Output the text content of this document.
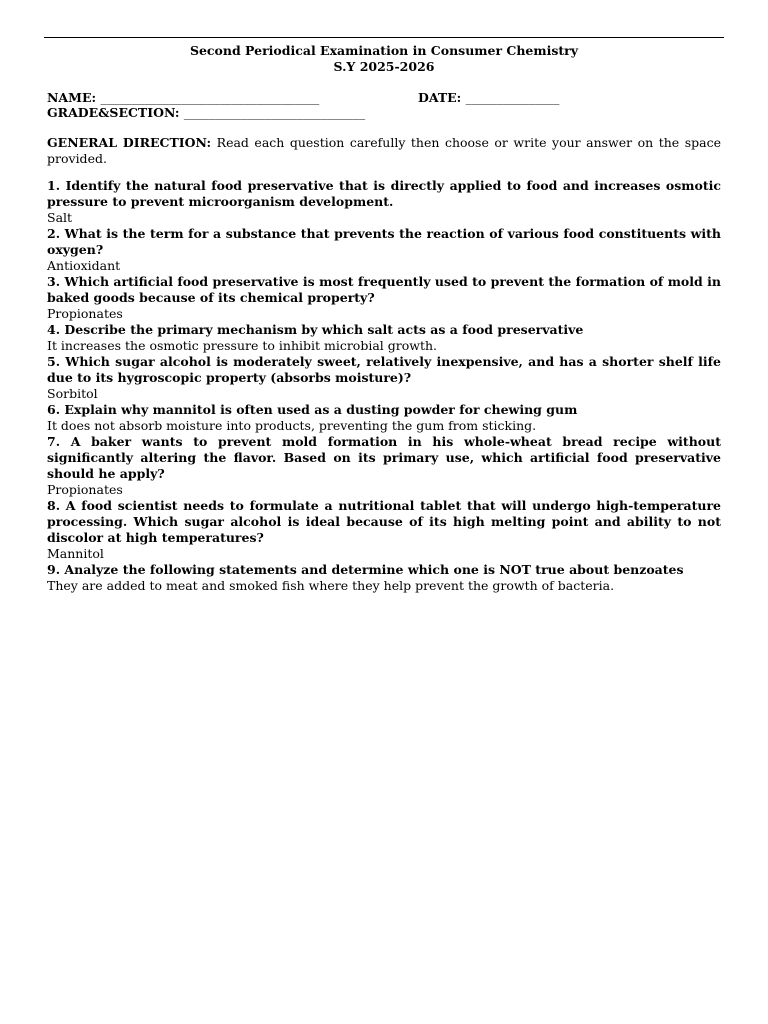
Second Periodical Examination in Consumer Chemistry
S.Y 2025-2026
NAME: ___________________________________	DATE: _______________
GRADE&SECTION: _____________________________
GENERAL DIRECTION: Read each question carefully then choose or write your answer on the space provided.

1. Identify the natural food preservative that is directly applied to food and increases osmotic pressure to prevent microorganism development.

Salt

2. What is the term for a substance that prevents the reaction of various food constituents with oxygen?

Antioxidant

3. Which artificial food preservative is most frequently used to prevent the formation of mold in baked goods because of its chemical property?

Propionates

4. Describe the primary mechanism by which salt acts as a food preservative

It increases the osmotic pressure to inhibit microbial growth.

5. Which sugar alcohol is moderately sweet, relatively inexpensive, and has a shorter shelf life due to its hygroscopic property (absorbs moisture)?

Sorbitol

6. Explain why mannitol is often used as a dusting powder for chewing gum

It does not absorb moisture into products, preventing the gum from sticking.

7. A baker wants to prevent mold formation in his whole-wheat bread recipe without significantly altering the flavor. Based on its primary use, which artificial food preservative should he apply?

Propionates

8. A food scientist needs to formulate a nutritional tablet that will undergo high-temperature processing. Which sugar alcohol is ideal because of its high melting point and ability to not discolor at high temperatures?

Mannitol

9. Analyze the following statements and determine which one is NOT true about benzoates

They are added to meat and smoked fish where they help prevent the growth of bacteria.
